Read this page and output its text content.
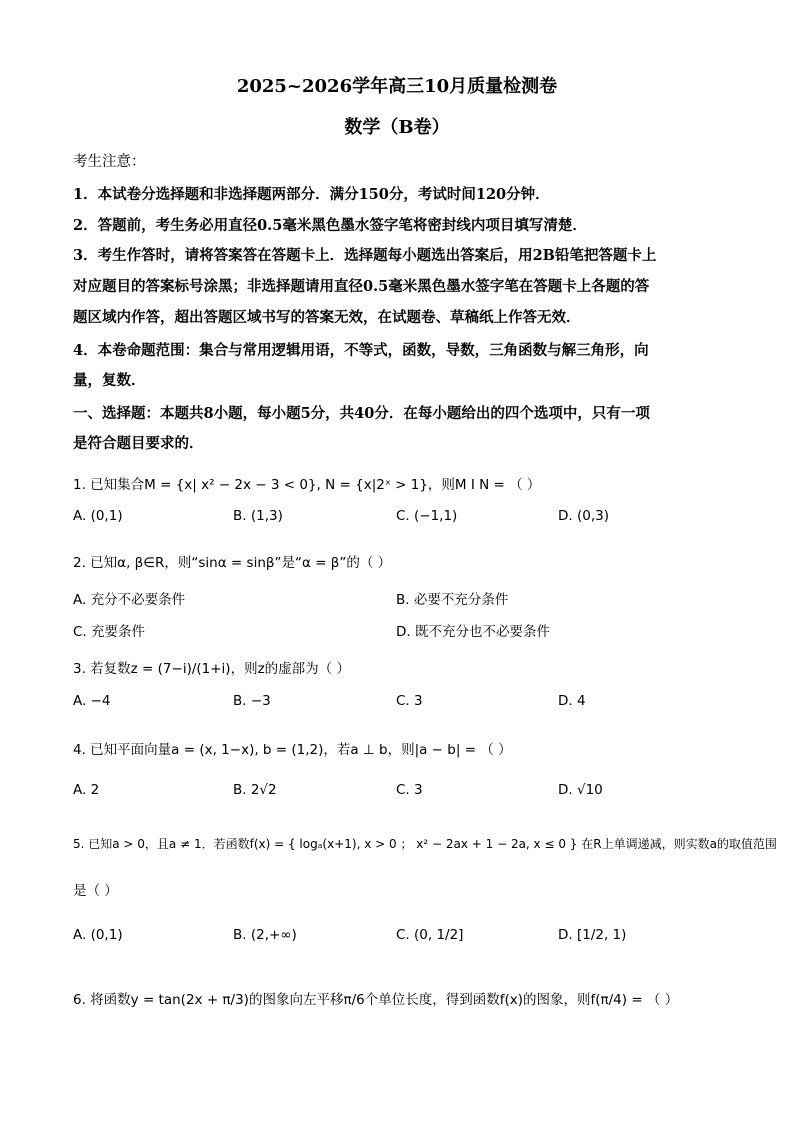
2025~2026学年高三10月质量检测卷
数学（B卷）
考生注意：
1．本试卷分选择题和非选择题两部分．满分150分，考试时间120分钟．
2．答题前，考生务必用直径0.5毫米黑色墨水签字笔将密封线内项目填写清楚．
3．考生作答时，请将答案答在答题卡上．选择题每小题选出答案后，用2B铅笔把答题卡上
对应题目的答案标号涂黑；非选择题请用直径0.5毫米黑色墨水签字笔在答题卡上各题的答
题区域内作答，超出答题区域书写的答案无效，在试题卷、草稿纸上作答无效．
4．本卷命题范围：集合与常用逻辑用语，不等式，函数，导数，三角函数与解三角形，向
量，复数．
一、选择题：本题共8小题，每小题5分，共40分．在每小题给出的四个选项中，只有一项
是符合题目要求的．
1. 已知集合M = {x| x² − 2x − 3 < 0}, N = {x|2ˣ > 1}，则M I N = （ ）
A. (0,1)	B. (1,3)	C. (−1,1)	D. (0,3)
2. 已知α, β∈R，则“sinα = sinβ”是“α = β”的（ ）
A. 充分不必要条件	B. 必要不充分条件
C. 充要条件	D. 既不充分也不必要条件
3. 若复数z = (7−i)/(1+i)，则z的虚部为（ ）
A. −4	B. −3	C. 3	D. 4
4. 已知平面向量a = (x, 1−x), b = (1,2)，若a ⊥ b，则|a − b| = （ ）
A. 2	B. 2√2	C. 3	D. √10
5. 已知a > 0，且a ≠ 1．若函数f(x) = { logₐ(x+1), x > 0 ； x² − 2ax + 1 − 2a, x ≤ 0 } 在R上单调递减，则实数a的取值范围
是（ ）
A. (0,1)	B. (2,+∞)	C. (0, 1/2]	D. [1/2, 1)
6. 将函数y = tan(2x + π/3)的图象向左平移π/6个单位长度，得到函数f(x)的图象，则f(π/4) = （ ）
